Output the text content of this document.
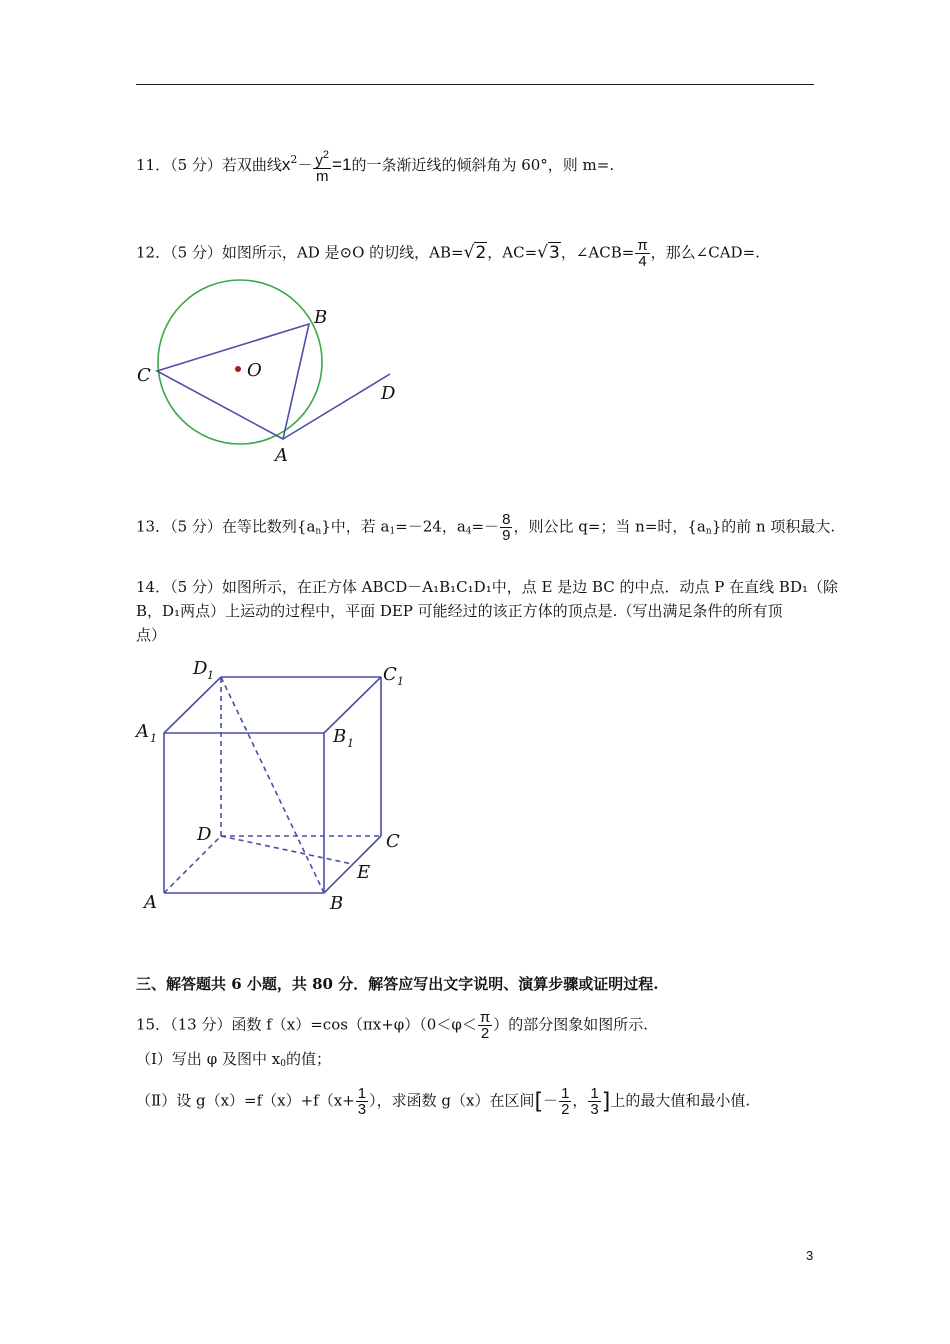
11．（5 分）若双曲线$x^2- \frac{y^2}{m} =1$的一条渐近线的倾斜角为 60°，则 m=.
12．（5 分）如图所示，AD 是⊙O 的切线，AB=√2，AC=√3，∠ACB= $\frac{\pi}{4}$ ，那么∠CAD=.
B
C	O
D
A
D 1	C 1
A 1	B 1
D	C
E
A	B
13．（5 分）在等比数列$\{a_n\}$中，若 $a_1=-24$，$a_4=- \frac{8}{9}$ ，则公比 q=；当 n=时，$\{a_n\}$的前 n 项积最大.
14．（5 分）如图所示，在正方体 ABCD－A₁B₁C₁D₁中，点 E 是边 BC 的中点．动点 P 在直线 BD₁（除
B，D₁两点）上运动的过程中，平面 DEP 可能经过的该正方体的顶点是.（写出满足条件的所有顶
点）
三、解答题共 6 小题，共 80 分．解答应写出文字说明、演算步骤或证明过程.
15．（13 分）函数 $f(x)=\cos(\pi x+\varphi)(0<\varphi< \frac{\pi}{2}$ ）的部分图象如图所示.
（Ⅰ）写出 φ 及图中 $x_0$的值；
（Ⅱ）设 $g(x)=f(x)+f(x+ \frac{1}{3}$ ），求函数 g（x）在区间[－ $\frac{1}{2}$ ， $\frac{1}{3}$ ]上的最大值和最小值.
3
